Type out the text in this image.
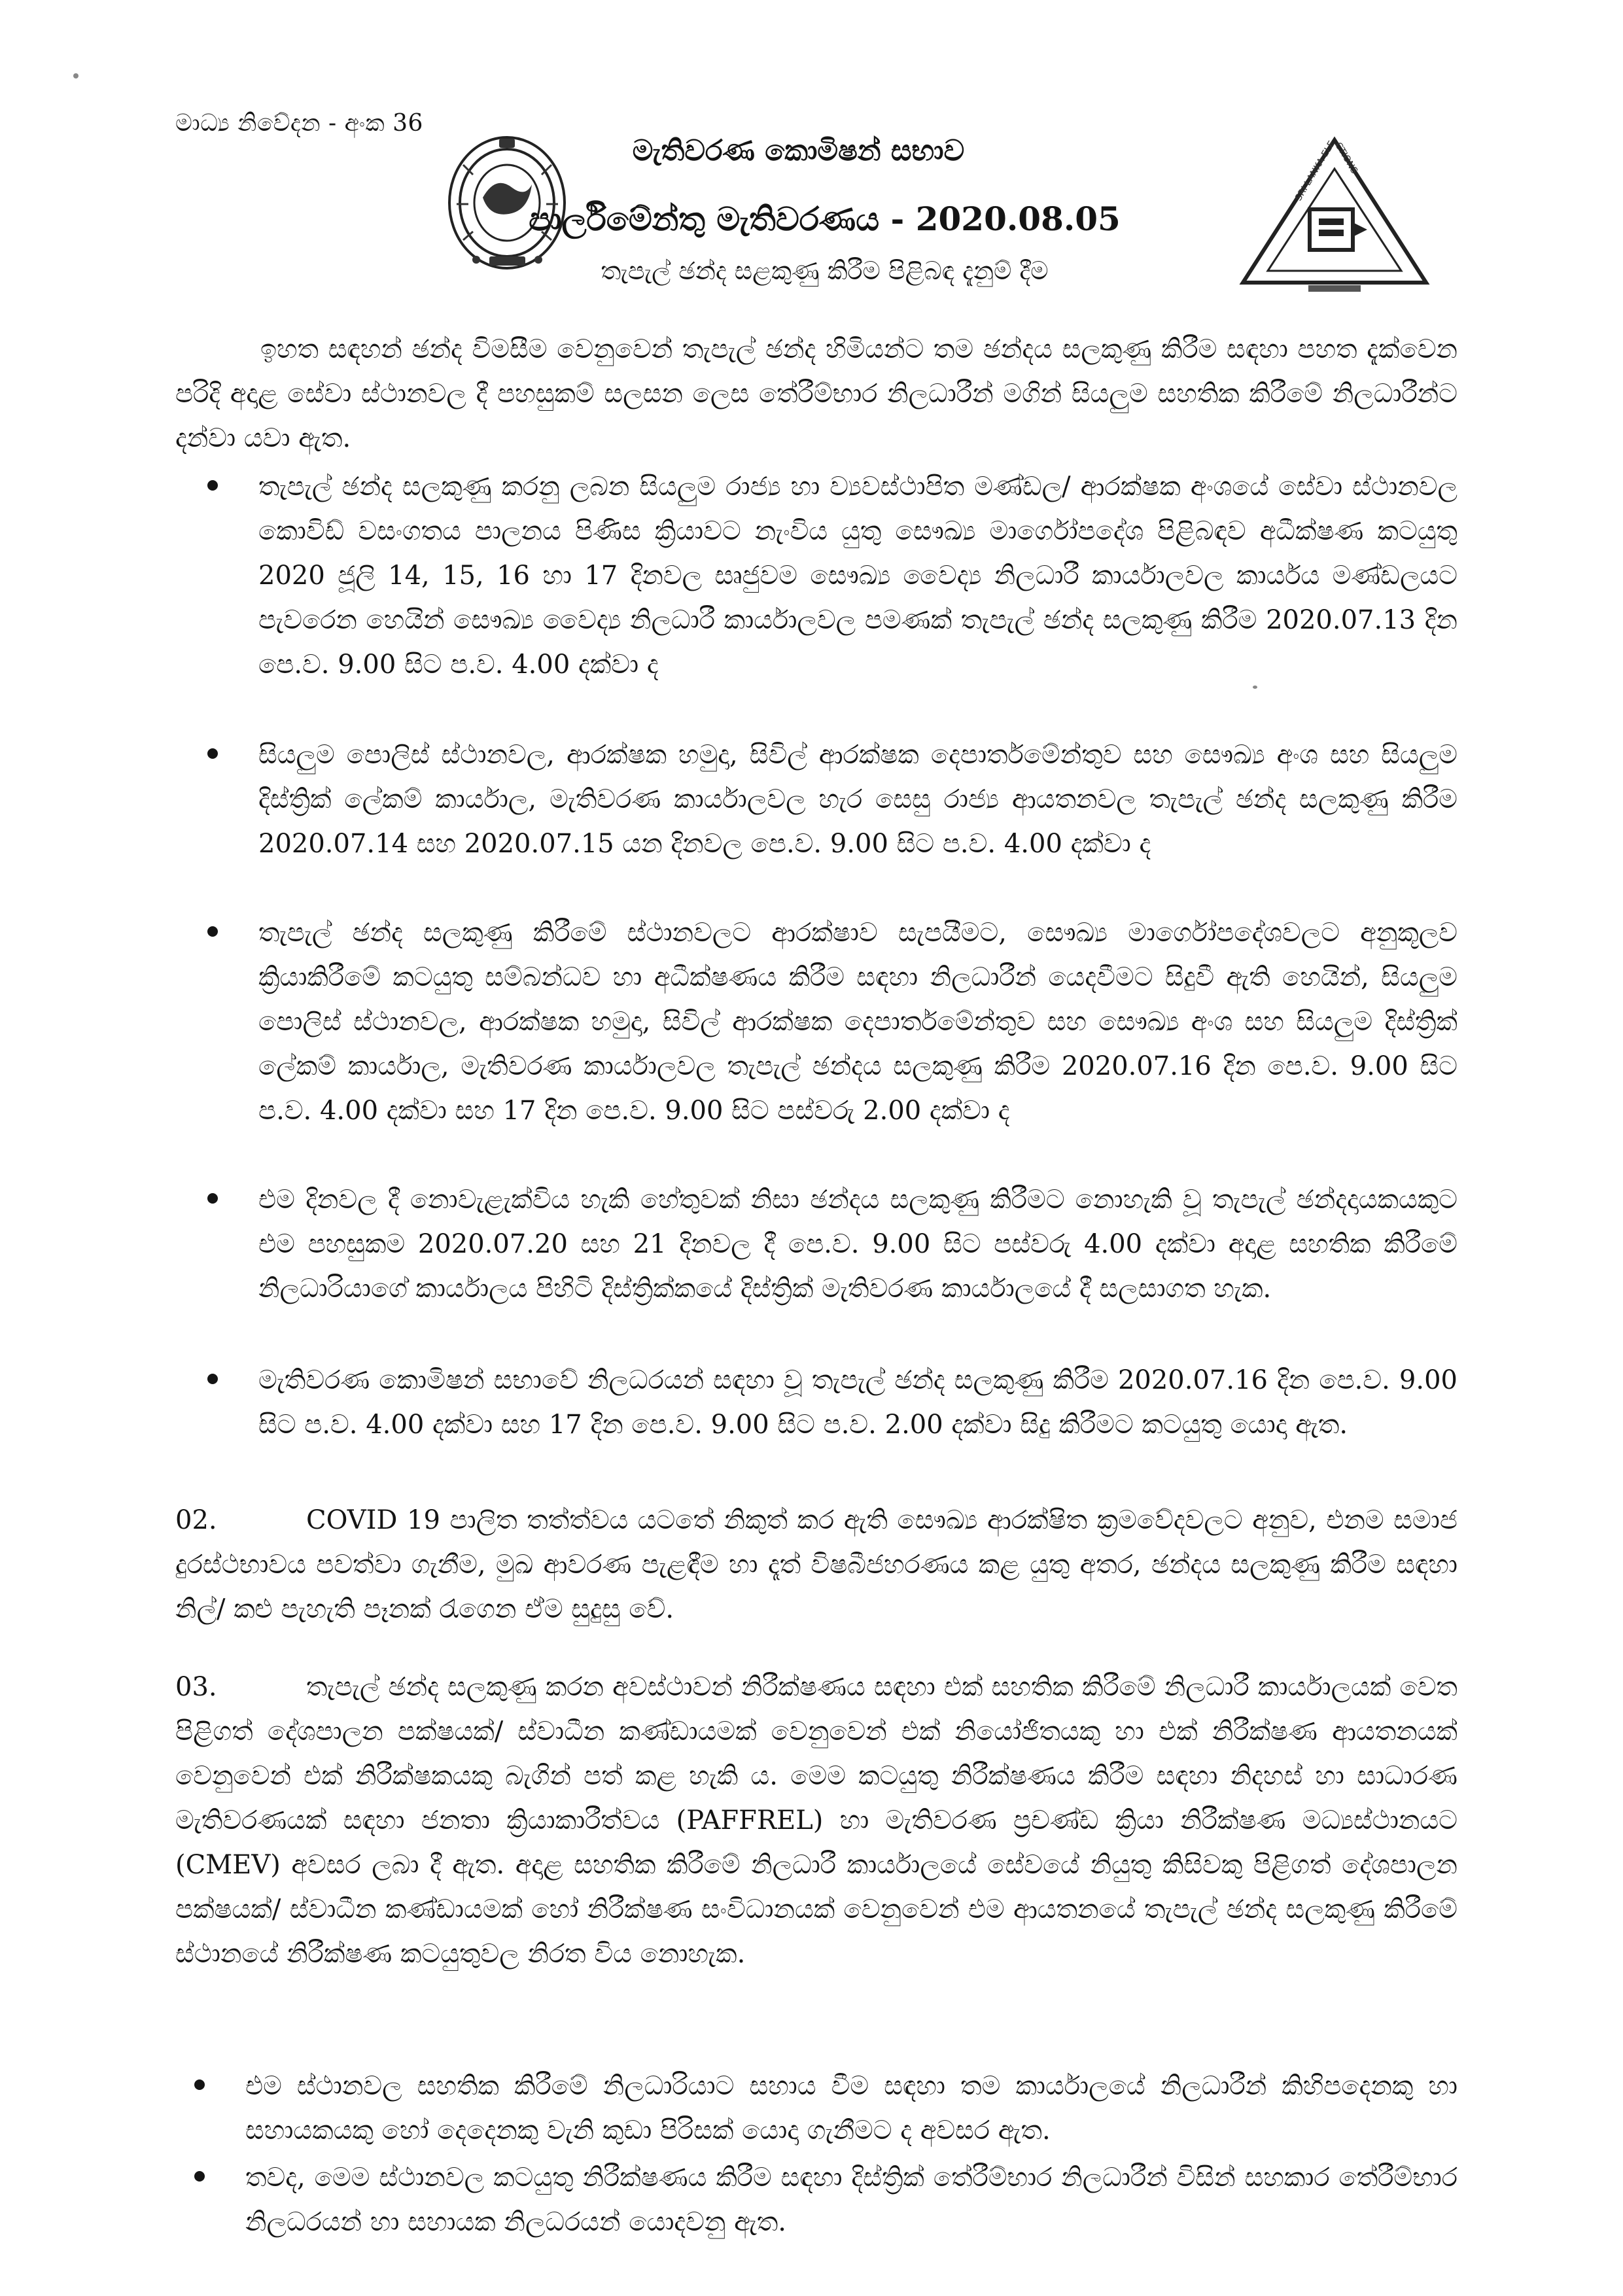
මාධ්‍ය නිවේදන - අංක 36
මැතිවරණ කොමිෂන් සභාව
පාර්ලිමේන්තු මැතිවරණය - 2020.08.05
තැපැල් ඡන්ද සළකුණු කිරීම පිළිබඳ දැනුම් දීම
SRI LANKA ELECTIONS
ඉහත සඳහන් ඡන්ද විමසීම වෙනුවෙන් තැපැල් ඡන්ද හිමියන්ට තම ඡන්දය සලකුණු කිරීම සඳහා පහත දැක්වෙන පරිදි අදාළ සේවා ස්ථානවල දී පහසුකම් සලසන ලෙස තේරීම්භාර නිලධාරීන් මගින් සියලුම සහතික කිරීමේ නිලධාරීන්ට දන්වා යවා ඇත.
තැපැල් ඡන්ද සලකුණු කරනු ලබන සියලුම රාජ්‍ය හා ව්‍යවස්ථාපිත මණ්ඩල/ ආරක්ෂක අංශයේ සේවා ස්ථානවල කොවිඩ් වසංගතය පාලනය පිණිස ක්‍රියාවට නැංවිය යුතු සෞඛ්‍ය මාර්ගෝපදේශ පිළිබඳව අධීක්ෂණ කටයුතු 2020 ජූලි 14, 15, 16 හා 17 දිනවල සෘජුවම සෞඛ්‍ය වෛද්‍ය නිලධාරී කාර්යාලවල කාර්යය මණ්ඩලයට පැවරෙන හෙයින් සෞඛ්‍ය වෛද්‍ය නිලධාරී කාර්යාලවල පමණක් තැපැල් ඡන්ද සලකුණු කිරීම 2020.07.13 දින පෙ.ව. 9.00 සිට ප.ව. 4.00 දක්වා ද
සියලුම පොලිස් ස්ථානවල, ආරක්ෂක හමුදා, සිවිල් ආරක්ෂක දෙපාර්තමේන්තුව සහ සෞඛ්‍ය අංශ සහ සියලුම දිස්ත්‍රික් ලේකම් කාර්යාල, මැතිවරණ කාර්යාලවල හැර සෙසු රාජ්‍ය ආයතනවල තැපැල් ඡන්ද සලකුණු කිරීම 2020.07.14 සහ 2020.07.15 යන දිනවල පෙ.ව. 9.00 සිට ප.ව. 4.00 දක්වා ද
තැපැල් ඡන්ද සලකුණු කිරීමේ ස්ථානවලට ආරක්ෂාව සැපයීමට, සෞඛ්‍ය මාර්ගෝපදේශවලට අනුකූලව ක්‍රියාකිරීමේ කටයුතු සම්බන්ධව හා අධීක්ෂණය කිරීම සඳහා නිලධාරීන් යෙදවීමට සිදුවී ඇති හෙයින්, සියලුම පොලිස් ස්ථානවල, ආරක්ෂක හමුදා, සිවිල් ආරක්ෂක දෙපාර්තමේන්තුව සහ සෞඛ්‍ය අංශ සහ සියලුම දිස්ත්‍රික් ලේකම් කාර්යාල, මැතිවරණ කාර්යාලවල තැපැල් ඡන්දය සලකුණු කිරීම 2020.07.16 දින පෙ.ව. 9.00 සිට ප.ව. 4.00 දක්වා සහ 17 දින පෙ.ව. 9.00 සිට පස්වරු 2.00 දක්වා ද
එම දිනවල දී නොවැළැක්විය හැකි හේතුවක් නිසා ඡන්දය සලකුණු කිරීමට නොහැකි වූ තැපැල් ඡන්දදායකයකුට එම පහසුකම 2020.07.20 සහ 21 දිනවල දී පෙ.ව. 9.00 සිට පස්වරු 4.00 දක්වා අදාළ සහතික කිරීමේ නිලධාරියාගේ කාර්යාලය පිහිටි දිස්ත්‍රික්කයේ දිස්ත්‍රික් මැතිවරණ කාර්යාලයේ දී සලසාගත හැක.
මැතිවරණ කොමිෂන් සභාවේ නිලධරයන් සඳහා වූ තැපැල් ඡන්ද සලකුණු කිරීම 2020.07.16 දින පෙ.ව. 9.00 සිට ප.ව. 4.00 දක්වා සහ 17 දින පෙ.ව. 9.00 සිට ප.ව. 2.00 දක්වා සිදු කිරීමට කටයුතු යොදා ඇත.
02.	COVID 19 පාලිත තත්ත්වය යටතේ නිකුත් කර ඇති සෞඛ්‍ය ආරක්ෂිත ක්‍රමවේදවලට අනුව, එනම සමාජ දුරස්ථභාවය පවත්වා ගැනීම, මුඛ ආවරණ පැළඳීම හා දෑත් විෂබීජහරණය කළ යුතු අතර, ඡන්දය සලකුණු කිරීම සඳහා නිල්/ කළු පැහැති පෑනක් රැගෙන ඒම සුදුසු වේ.
03.	තැපැල් ඡන්ද සලකුණු කරන අවස්ථාවන් නිරීක්ෂණය සඳහා එක් සහතික කිරීමේ නිලධාරී කාර්යාලයක් වෙත පිළිගත් දේශපාලන පක්ෂයක්/ ස්වාධීන කණ්ඩායමක් වෙනුවෙන් එක් නියෝජිතයකු හා එක් නිරීක්ෂණ ආයතනයක් වෙනුවෙන් එක් නිරීක්ෂකයකු බැගින් පත් කළ හැකි ය. මෙම කටයුතු නිරීක්ෂණය කිරීම සඳහා නිදහස් හා සාධාරණ මැතිවරණයක් සඳහා ජනතා ක්‍රියාකාරීත්වය (PAFFREL) හා මැතිවරණ ප්‍රචණ්ඩ ක්‍රියා නිරීක්ෂණ මධ්‍යස්ථානයට (CMEV) අවසර ලබා දී ඇත. අදාළ සහතික කිරීමේ නිලධාරී කාර්යාලයේ සේවයේ නියුතු කිසිවකු පිළිගත් දේශපාලන පක්ෂයක්/ ස්වාධීන කණ්ඩායමක් හෝ නිරීක්ෂණ සංවිධානයක් වෙනුවෙන් එම ආයතනයේ තැපැල් ඡන්ද සලකුණු කිරීමේ ස්ථානයේ නිරීක්ෂණ කටයුතුවල නිරත විය නොහැක.
එම ස්ථානවල සහතික කිරීමේ නිලධාරියාට සහාය වීම සඳහා තම කාර්යාලයේ නිලධාරීන් කිහිපදෙනකු හා සහායකයකු හෝ දෙදෙනකු වැනි කුඩා පිරිසක් යොදා ගැනීමට ද අවසර ඇත.
තවද, මෙම ස්ථානවල කටයුතු නිරීක්ෂණය කිරීම සඳහා දිස්ත්‍රික් තේරීම්භාර නිලධාරීන් විසින් සහකාර තේරීම්භාර නිලධරයන් හා සහායක නිලධරයන් යොදවනු ඇත.
